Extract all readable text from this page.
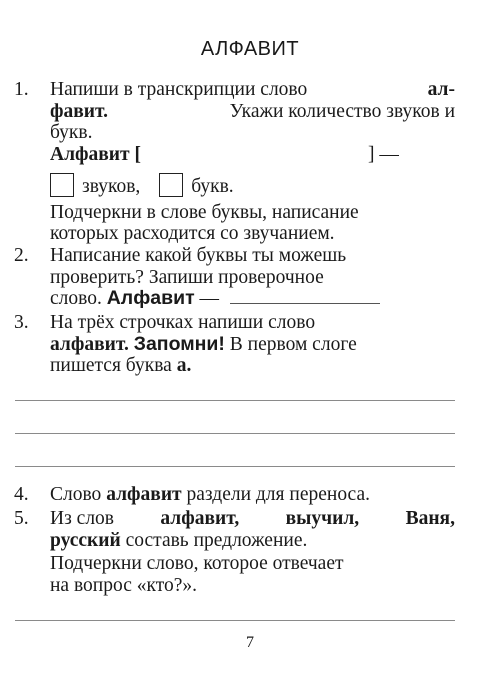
АЛФАВИТ
1. Напиши в транскрипции слово	ал-
фавит.	Укажи количество звуков и
букв.
Алфавит [	] —
звуков,	букв.
Подчеркни в слове буквы, написание
которых расходится со звучанием.
2. Написание какой буквы ты можешь
проверить? Запиши проверочное
слово. Алфавит —
3. На трёх строчках напиши слово
алфавит. Запомни! В первом слоге
пишется буква а.
4. Слово алфавит раздели для переноса.
5. Из слов алфавит, выучил, Ваня,
русский составь предложение.
Подчеркни слово, которое отвечает
на вопрос «кто?».
7
